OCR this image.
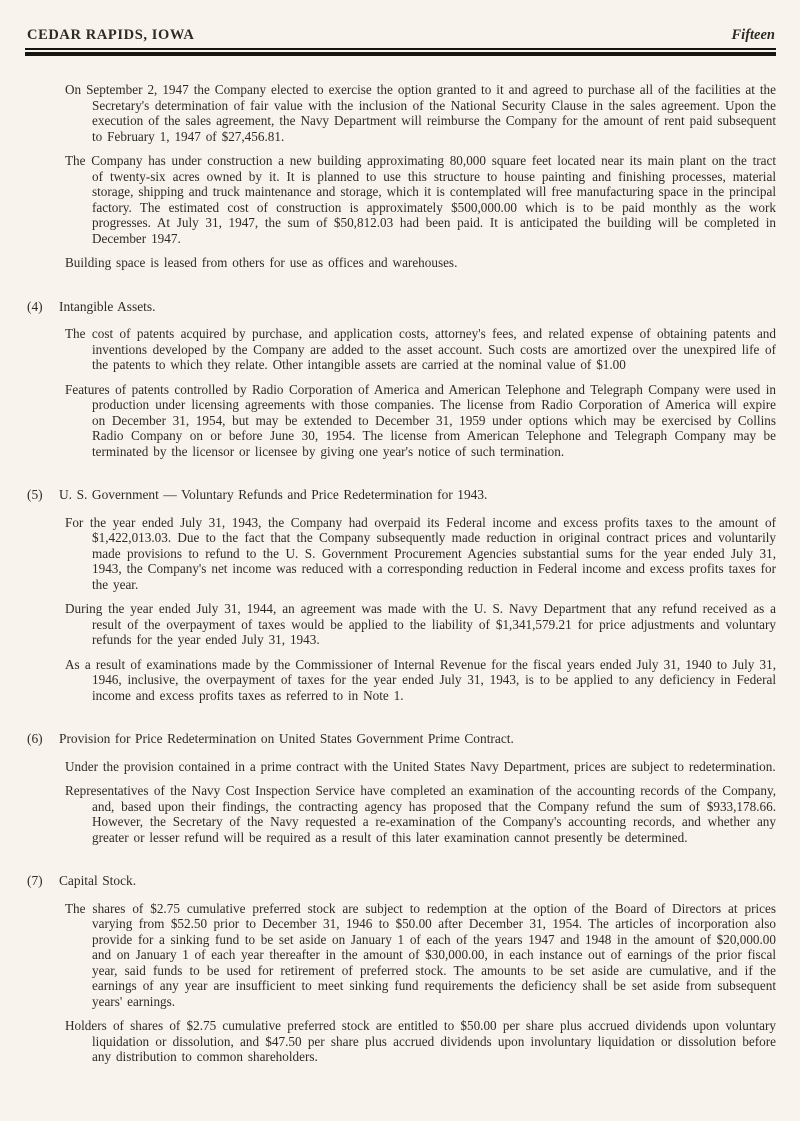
CEDAR RAPIDS, IOWA	Fifteen

On September 2, 1947 the Company elected to exercise the option granted to it and agreed to purchase all of the facilities at the Secretary's determination of fair value with the inclusion of the National Security Clause in the sales agreement. Upon the execution of the sales agreement, the Navy Department will reimburse the Company for the amount of rent paid subsequent to February 1, 1947 of $27,456.81.

The Company has under construction a new building approximating 80,000 square feet located near its main plant on the tract of twenty-six acres owned by it. It is planned to use this structure to house painting and finishing processes, material storage, shipping and truck maintenance and storage, which it is contemplated will free manufacturing space in the principal factory. The estimated cost of construction is approximately $500,000.00 which is to be paid monthly as the work progresses. At July 31, 1947, the sum of $50,812.03 had been paid. It is anticipated the building will be completed in December 1947.

Building space is leased from others for use as offices and warehouses.

(4) Intangible Assets.

The cost of patents acquired by purchase, and application costs, attorney's fees, and related expense of obtaining patents and inventions developed by the Company are added to the asset account. Such costs are amortized over the unexpired life of the patents to which they relate. Other intangible assets are carried at the nominal value of $1.00

Features of patents controlled by Radio Corporation of America and American Telephone and Telegraph Company were used in production under licensing agreements with those companies. The license from Radio Corporation of America will expire on December 31, 1954, but may be extended to December 31, 1959 under options which may be exercised by Collins Radio Company on or before June 30, 1954. The license from American Telephone and Telegraph Company may be terminated by the licensor or licensee by giving one year's notice of such termination.

(5) U. S. Government — Voluntary Refunds and Price Redetermination for 1943.

For the year ended July 31, 1943, the Company had overpaid its Federal income and excess profits taxes to the amount of $1,422,013.03. Due to the fact that the Company subsequently made reduction in original contract prices and voluntarily made provisions to refund to the U. S. Government Procurement Agencies substantial sums for the year ended July 31, 1943, the Company's net income was reduced with a corresponding reduction in Federal income and excess profits taxes for the year.

During the year ended July 31, 1944, an agreement was made with the U. S. Navy Department that any refund received as a result of the overpayment of taxes would be applied to the liability of $1,341,579.21 for price adjustments and voluntary refunds for the year ended July 31, 1943.

As a result of examinations made by the Commissioner of Internal Revenue for the fiscal years ended July 31, 1940 to July 31, 1946, inclusive, the overpayment of taxes for the year ended July 31, 1943, is to be applied to any deficiency in Federal income and excess profits taxes as referred to in Note 1.

(6) Provision for Price Redetermination on United States Government Prime Contract.

Under the provision contained in a prime contract with the United States Navy Department, prices are subject to redetermination.

Representatives of the Navy Cost Inspection Service have completed an examination of the accounting records of the Company, and, based upon their findings, the contracting agency has proposed that the Company refund the sum of $933,178.66. However, the Secretary of the Navy requested a re-examination of the Company's accounting records, and whether any greater or lesser refund will be required as a result of this later examination cannot presently be determined.

(7) Capital Stock.

The shares of $2.75 cumulative preferred stock are subject to redemption at the option of the Board of Directors at prices varying from $52.50 prior to December 31, 1946 to $50.00 after December 31, 1954. The articles of incorporation also provide for a sinking fund to be set aside on January 1 of each of the years 1947 and 1948 in the amount of $20,000.00 and on January 1 of each year thereafter in the amount of $30,000.00, in each instance out of earnings of the prior fiscal year, said funds to be used for retirement of preferred stock. The amounts to be set aside are cumulative, and if the earnings of any year are insufficient to meet sinking fund requirements the deficiency shall be set aside from subsequent years' earnings.

Holders of shares of $2.75 cumulative preferred stock are entitled to $50.00 per share plus accrued dividends upon voluntary liquidation or dissolution, and $47.50 per share plus accrued dividends upon involuntary liquidation or dissolution before any distribution to common shareholders.
